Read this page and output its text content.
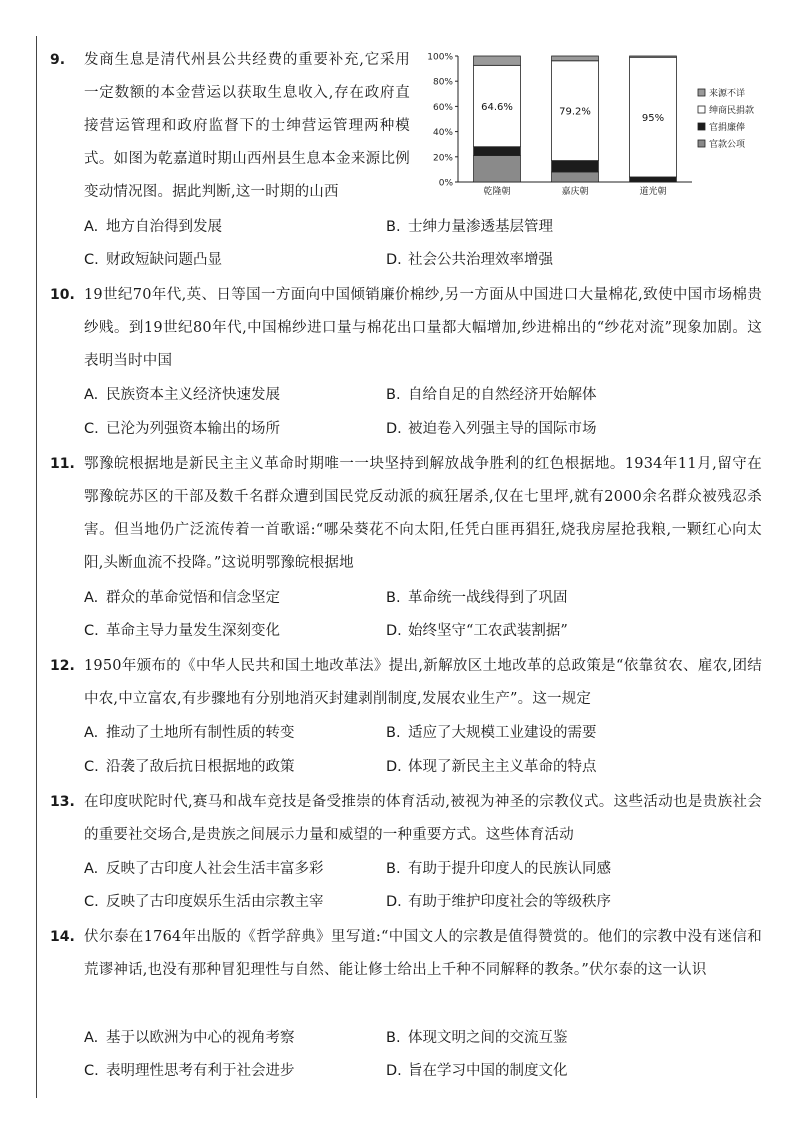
9. 发商生息是清代州县公共经费的重要补充,它采用一定数额的本金营运以获取生息收入,存在政府直接营运管理和政府监督下的士绅营运管理两种模式。如图为乾嘉道时期山西州县生息本金来源比例变动情况图。据此判断,这一时期的山西
0%
20%
40%
60%
80%
100%
64.6%
乾隆朝
79.2%
嘉庆朝
95%
道光朝
来源不详
绅商民捐款
官捐廉俸
官款公项
A. 地方自治得到发展	B. 士绅力量渗透基层管理
C. 财政短缺问题凸显	D. 社会公共治理效率增强
10. 19世纪70年代,英、日等国一方面向中国倾销廉价棉纱,另一方面从中国进口大量棉花,致使中国市场棉贵纱贱。到19世纪80年代,中国棉纱进口量与棉花出口量都大幅增加,纱进棉出的“纱花对流”现象加剧。这表明当时中国
A. 民族资本主义经济快速发展	B. 自给自足的自然经济开始解体
C. 已沦为列强资本输出的场所	D. 被迫卷入列强主导的国际市场
11. 鄂豫皖根据地是新民主主义革命时期唯一一块坚持到解放战争胜利的红色根据地。1934年11月,留守在鄂豫皖苏区的干部及数千名群众遭到国民党反动派的疯狂屠杀,仅在七里坪,就有2000余名群众被残忍杀害。但当地仍广泛流传着一首歌谣:“哪朵葵花不向太阳,任凭白匪再猖狂,烧我房屋抢我粮,一颗红心向太阳,头断血流不投降。”这说明鄂豫皖根据地
A. 群众的革命觉悟和信念坚定	B. 革命统一战线得到了巩固
C. 革命主导力量发生深刻变化	D. 始终坚守“工农武装割据”
12. 1950年颁布的《中华人民共和国土地改革法》提出,新解放区土地改革的总政策是“依靠贫农、雇农,团结中农,中立富农,有步骤地有分别地消灭封建剥削制度,发展农业生产”。这一规定
A. 推动了土地所有制性质的转变	B. 适应了大规模工业建设的需要
C. 沿袭了敌后抗日根据地的政策	D. 体现了新民主主义革命的特点
13. 在印度吠陀时代,赛马和战车竞技是备受推崇的体育活动,被视为神圣的宗教仪式。这些活动也是贵族社会的重要社交场合,是贵族之间展示力量和威望的一种重要方式。这些体育活动
A. 反映了古印度人社会生活丰富多彩	B. 有助于提升印度人的民族认同感
C. 反映了古印度娱乐生活由宗教主宰	D. 有助于维护印度社会的等级秩序
14. 伏尔泰在1764年出版的《哲学辞典》里写道:“中国文人的宗教是值得赞赏的。他们的宗教中没有迷信和荒谬神话,也没有那种冒犯理性与自然、能让修士给出上千种不同解释的教条。”伏尔泰的这一认识
A. 基于以欧洲为中心的视角考察	B. 体现文明之间的交流互鉴
C. 表明理性思考有利于社会进步	D. 旨在学习中国的制度文化
